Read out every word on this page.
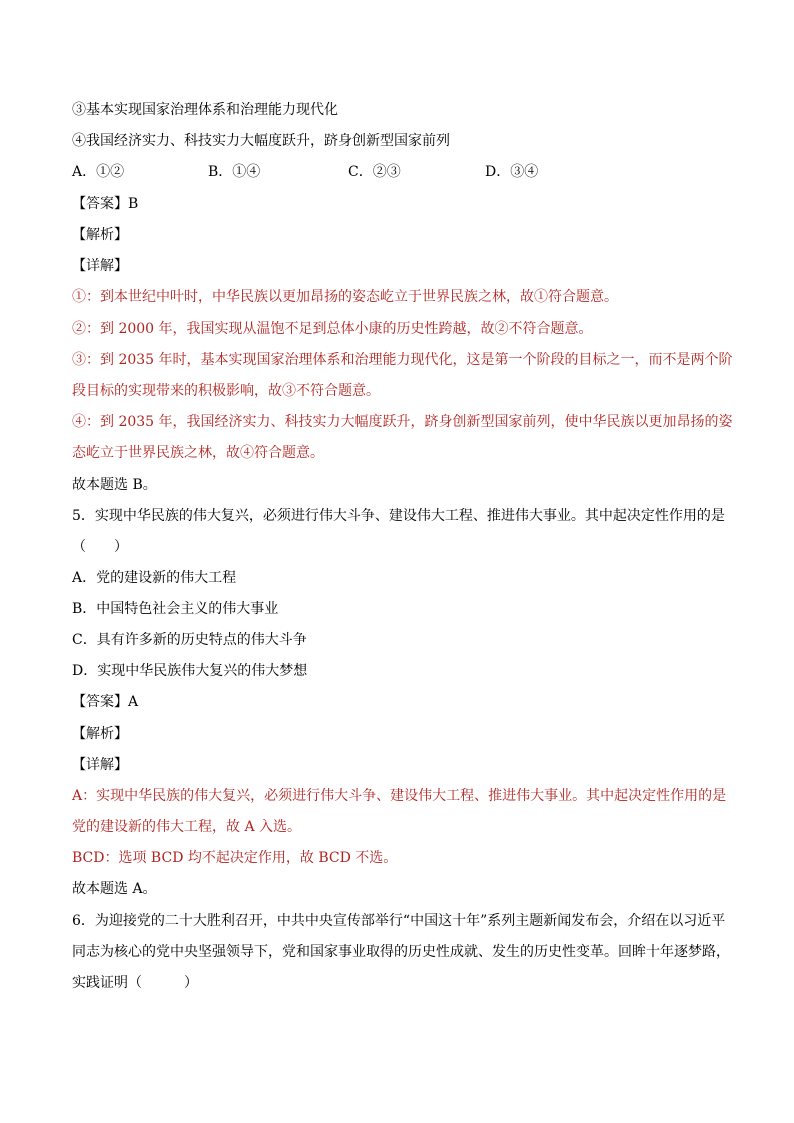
③基本实现国家治理体系和治理能力现代化
④我国经济实力、科技实力大幅度跃升，跻身创新型国家前列
A．①②	B．①④	C．②③	D．③④
【答案】B
【解析】
【详解】
①：到本世纪中叶时，中华民族以更加昂扬的姿态屹立于世界民族之林，故①符合题意。
②：到 2000 年，我国实现从温饱不足到总体小康的历史性跨越，故②不符合题意。
③：到 2035 年时，基本实现国家治理体系和治理能力现代化，这是第一个阶段的目标之一，而不是两个阶
段目标的实现带来的积极影响，故③不符合题意。
④：到 2035 年，我国经济实力、科技实力大幅度跃升，跻身创新型国家前列，使中华民族以更加昂扬的姿
态屹立于世界民族之林，故④符合题意。
故本题选 B。
5．实现中华民族的伟大复兴，必须进行伟大斗争、建设伟大工程、推进伟大事业。其中起决定性作用的是
（　　）
A．党的建设新的伟大工程
B．中国特色社会主义的伟大事业
C．具有许多新的历史特点的伟大斗争
D．实现中华民族伟大复兴的伟大梦想
【答案】A
【解析】
【详解】
A：实现中华民族的伟大复兴，必须进行伟大斗争、建设伟大工程、推进伟大事业。其中起决定性作用的是
党的建设新的伟大工程，故 A 入选。
BCD：选项 BCD 均不起决定作用，故 BCD 不选。
故本题选 A。
6．为迎接党的二十大胜利召开，中共中央宣传部举行“中国这十年”系列主题新闻发布会，介绍在以习近平
同志为核心的党中央坚强领导下，党和国家事业取得的历史性成就、发生的历史性变革。回眸十年逐梦路，
实践证明（　　　）
